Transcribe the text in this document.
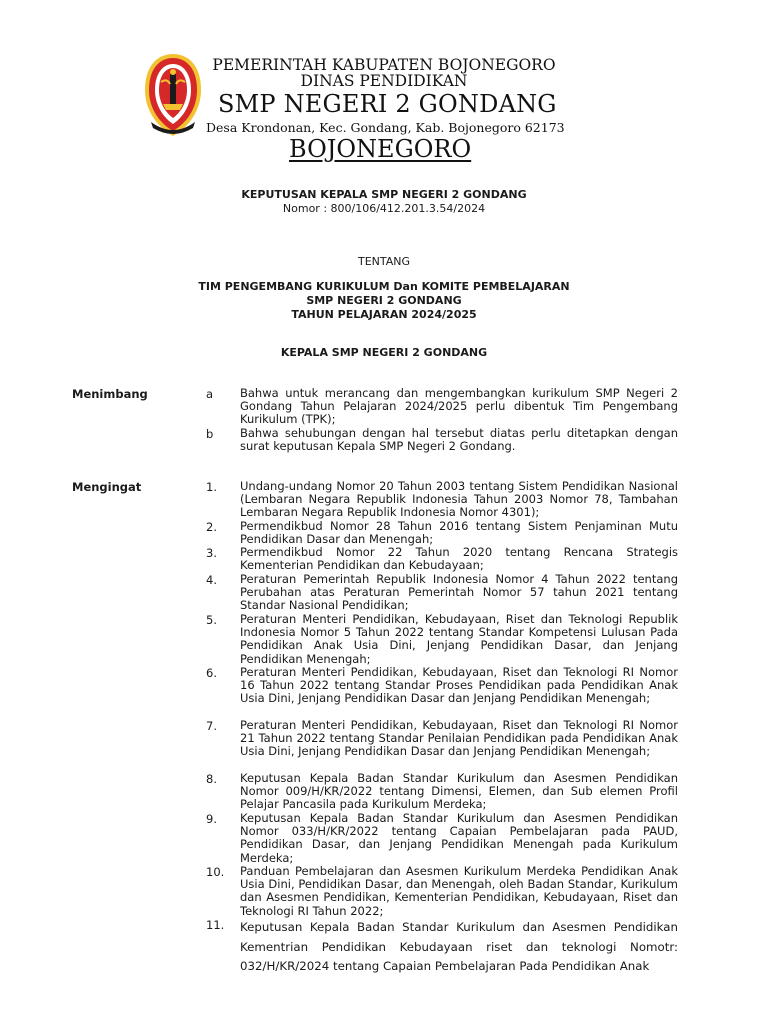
PEMERINTAH KABUPATEN BOJONEGORO
DINAS PENDIDIKAN
SMP NEGERI 2 GONDANG
Desa Krondonan, Kec. Gondang, Kab. Bojonegoro 62173
BOJONEGORO
KEPUTUSAN KEPALA SMP NEGERI 2 GONDANG
Nomor : 800/106/412.201.3.54/2024
TENTANG
TIM PENGEMBANG KURIKULUM Dan KOMITE PEMBELAJARAN
SMP NEGERI 2 GONDANG
TAHUN PELAJARAN 2024/2025
KEPALA SMP NEGERI 2 GONDANG
Menimbang	a Bahwa untuk merancang dan mengembangkan kurikulum SMP Negeri 2 Gondang Tahun Pelajaran 2024/2025 perlu dibentuk Tim Pengembang Kurikulum (TPK);
b Bahwa sehubungan dengan hal tersebut diatas perlu ditetapkan dengan surat keputusan Kepala SMP Negeri 2 Gondang.
Mengingat	1. Undang-undang Nomor 20 Tahun 2003 tentang Sistem Pendidikan Nasional (Lembaran Negara Republik Indonesia Tahun 2003 Nomor 78, Tambahan Lembaran Negara Republik Indonesia Nomor 4301);
2. Permendikbud Nomor 28 Tahun 2016 tentang Sistem Penjaminan Mutu Pendidikan Dasar dan Menengah;
3. Permendikbud Nomor 22 Tahun 2020 tentang Rencana Strategis Kementerian Pendidikan dan Kebudayaan;
4. Peraturan Pemerintah Republik Indonesia Nomor 4 Tahun 2022 tentang Perubahan atas Peraturan Pemerintah Nomor 57 tahun 2021 tentang Standar Nasional Pendidikan;
5. Peraturan Menteri Pendidikan, Kebudayaan, Riset dan Teknologi Republik Indonesia Nomor 5 Tahun 2022 tentang Standar Kompetensi Lulusan Pada Pendidikan Anak Usia Dini, Jenjang Pendidikan Dasar, dan Jenjang Pendidikan Menengah;
6. Peraturan Menteri Pendidikan, Kebudayaan, Riset dan Teknologi RI Nomor 16 Tahun 2022 tentang Standar Proses Pendidikan pada Pendidikan Anak Usia Dini, Jenjang Pendidikan Dasar dan Jenjang Pendidikan Menengah;
7. Peraturan Menteri Pendidikan, Kebudayaan, Riset dan Teknologi RI Nomor 21 Tahun 2022 tentang Standar Penilaian Pendidikan pada Pendidikan Anak Usia Dini, Jenjang Pendidikan Dasar dan Jenjang Pendidikan Menengah;
8. Keputusan Kepala Badan Standar Kurikulum dan Asesmen Pendidikan Nomor 009/H/KR/2022 tentang Dimensi, Elemen, dan Sub elemen Profil Pelajar Pancasila pada Kurikulum Merdeka;
9. Keputusan Kepala Badan Standar Kurikulum dan Asesmen Pendidikan Nomor 033/H/KR/2022 tentang Capaian Pembelajaran pada PAUD, Pendidikan Dasar, dan Jenjang Pendidikan Menengah pada Kurikulum Merdeka;
10. Panduan Pembelajaran dan Asesmen Kurikulum Merdeka Pendidikan Anak Usia Dini, Pendidikan Dasar, dan Menengah, oleh Badan Standar, Kurikulum dan Asesmen Pendidikan, Kementerian Pendidikan, Kebudayaan, Riset dan Teknologi RI Tahun 2022;
11. Keputusan Kepala Badan Standar Kurikulum dan Asesmen Pendidikan Kementrian Pendidikan Kebudayaan riset dan teknologi Nomotr: 032/H/KR/2024 tentang Capaian Pembelajaran Pada Pendidikan Anak
